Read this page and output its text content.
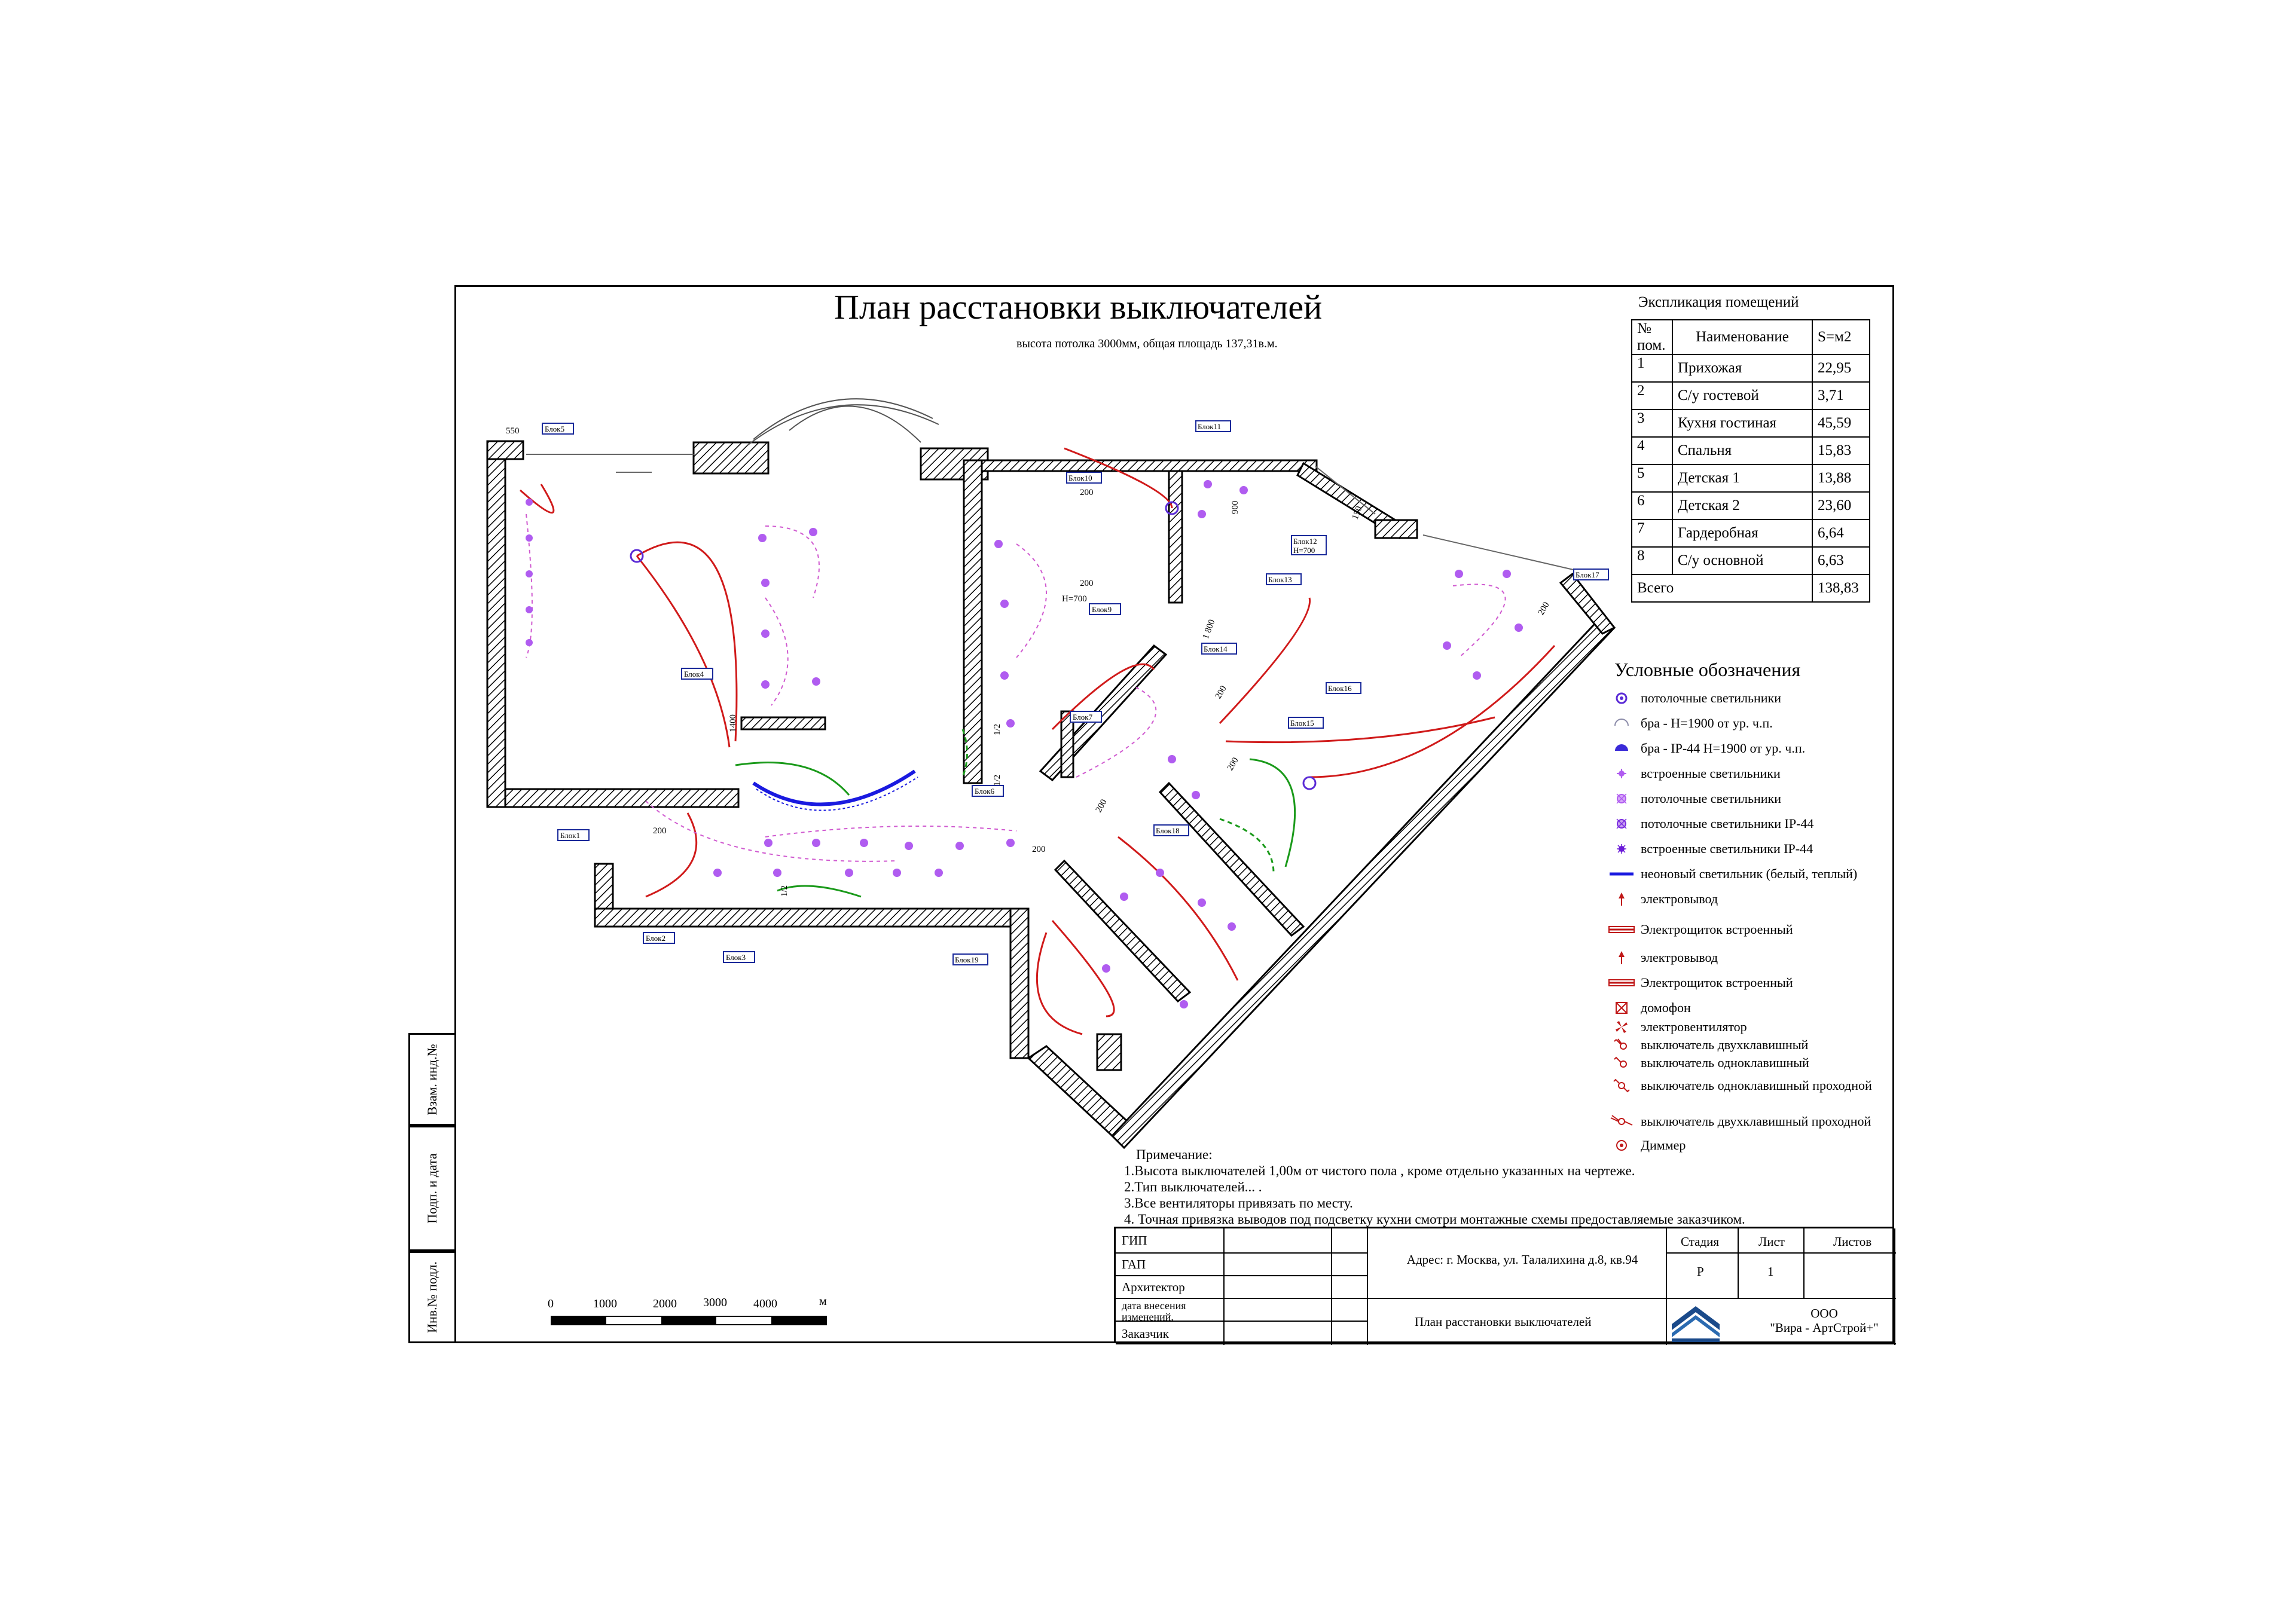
Взам. инд.№
Подп. и дата
Инв.№ подл.
План расстановки выключателей
высота потолка 3000мм, общая площадь 137,31в.м.
Блок5
Блок4
Блок1
Блок2
Блок3
Блок6
Блок7
Блок9
Блок10
Блок11
Блок12
Н=700
Блок13
Блок14
Блок15
Блок16
Блок17
Блок18
Блок19
550
1400
200
200
900
200
H=700
1/2
1/2
200
200
1 800
200
200
150
200
1/2
Экспликация помещений
№ пом.	Наименование	S=м2
1	Прихожая	22,95
2	С/у гостевой	3,71
3	Кухня гостиная	45,59
4	Спальня	15,83
5	Детская 1	13,88
6	Детская 2	23,60
7	Гардеробная	6,64
8	С/у основной	6,63
Всего		138,83
Условные обозначения
потолочные светильники
бра - Н=1900 от ур. ч.п.
бра - IP-44 Н=1900 от ур. ч.п.
встроенные светильники
потолочные светильники
потолочные светильники IP-44
встроенные светильники IP-44
неоновый светильник (белый, теплый)
электровывод
Электрощиток встроенный
электровывод
Электрощиток встроенный
домофон
электровентилятор
выключатель двухклавишный
выключатель одноклавишный
выключатель одноклавишный проходной
выключатель двухклавишный проходной
Диммер
Примечание:
1.Высота выключателей 1,00м от чистого пола , кроме отдельно указанных на чертеже.
2.Тип выключателей... .
3.Все вентиляторы привязать по месту.
4. Точная привязка выводов под подсветку кухни смотри монтажные схемы предоставляемые заказчиком.
ГИП
ГАП
Архитектор
дата внесения изменений.
Заказчик
Адрес: г. Москва, ул. Талалихина д.8, кв.94
План расстановки выключателей
Стадия	Лист	Листов
Р	1
ООО
"Вира - АртСтрой+"
0	1000	2000 3000 4000	м
